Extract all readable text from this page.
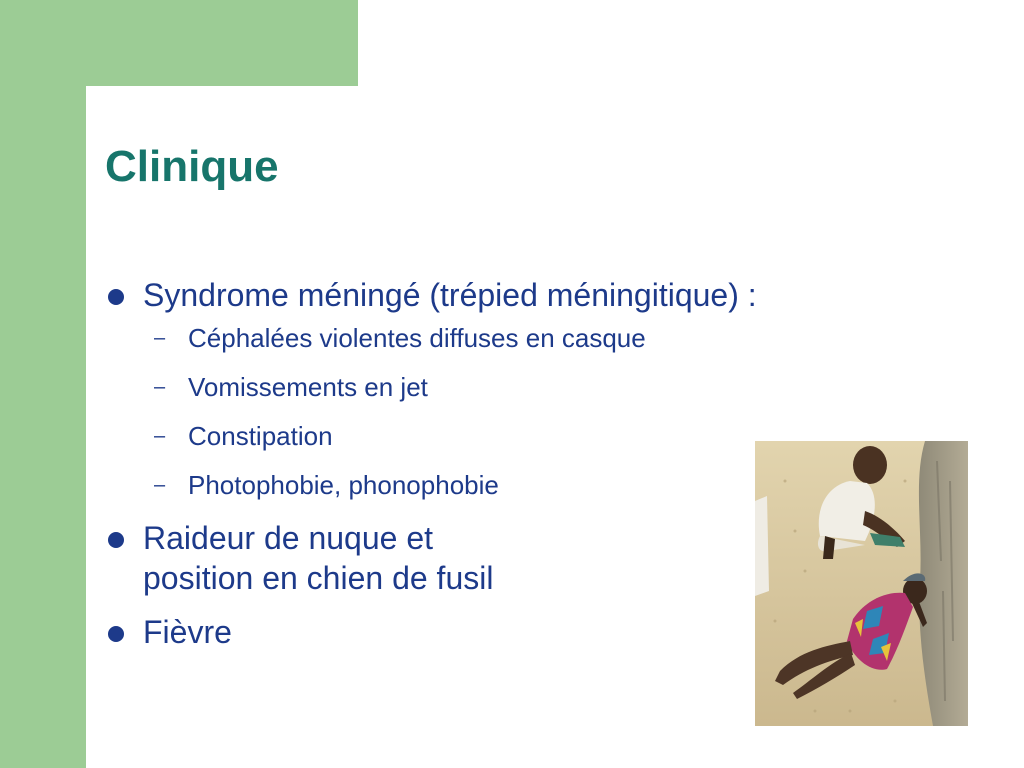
Clinique
Syndrome méningé (trépied méningitique) :
– Céphalées violentes diffuses en casque
– Vomissements en jet
– Constipation
– Photophobie, phonophobie
Raideur de nuque et
position en chien de fusil
Fièvre
